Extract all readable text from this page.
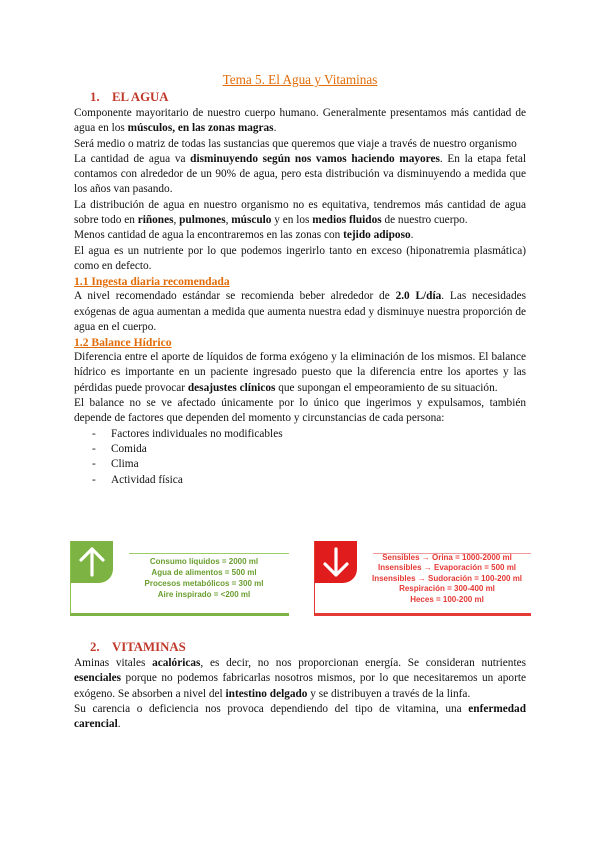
Tema 5. El Agua y Vitaminas
1. EL AGUA

Componente mayoritario de nuestro cuerpo humano. Generalmente presentamos más cantidad de agua en los músculos, en las zonas magras.

Será medio o matriz de todas las sustancias que queremos que viaje a través de nuestro organismo

La cantidad de agua va disminuyendo según nos vamos haciendo mayores. En la etapa fetal contamos con alrededor de un 90% de agua, pero esta distribución va disminuyendo a medida que los años van pasando.

La distribución de agua en nuestro organismo no es equitativa, tendremos más cantidad de agua sobre todo en riñones, pulmones, músculo y en los medios fluidos de nuestro cuerpo.

Menos cantidad de agua la encontraremos en las zonas con tejido adiposo.

El agua es un nutriente por lo que podemos ingerirlo tanto en exceso (hiponatremia plasmática) como en defecto.

1.1 Ingesta diaria recomendada

A nivel recomendado estándar se recomienda beber alrededor de 2.0 L/día. Las necesidades exógenas de agua aumentan a medida que aumenta nuestra edad y disminuye nuestra proporción de agua en el cuerpo.

1.2 Balance Hídrico

Diferencia entre el aporte de líquidos de forma exógeno y la eliminación de los mismos. El balance hídrico es importante en un paciente ingresado puesto que la diferencia entre los aportes y las pérdidas puede provocar desajustes clínicos que supongan el empeoramiento de su situación.

El balance no se ve afectado únicamente por lo único que ingerimos y expulsamos, también depende de factores que dependen del momento y circunstancias de cada persona:

- Factores individuales no modificables
- Comida
- Clima
- Actividad física
Consumo líquidos = 2000 ml
Agua de alimentos = 500 ml
Procesos metabólicos = 300 ml
Aire inspirado = <200 ml
Sensibles → Orina = 1000-2000 ml
Insensibles → Evaporación = 500 ml
Insensibles → Sudoración = 100-200 ml
Respiración = 300-400 ml
Heces = 100-200 ml
2. VITAMINAS

Aminas vitales acalóricas, es decir, no nos proporcionan energía. Se consideran nutrientes esenciales porque no podemos fabricarlas nosotros mismos, por lo que necesitaremos un aporte exógeno. Se absorben a nivel del intestino delgado y se distribuyen a través de la linfa.

Su carencia o deficiencia nos provoca dependiendo del tipo de vitamina, una enfermedad carencial.
